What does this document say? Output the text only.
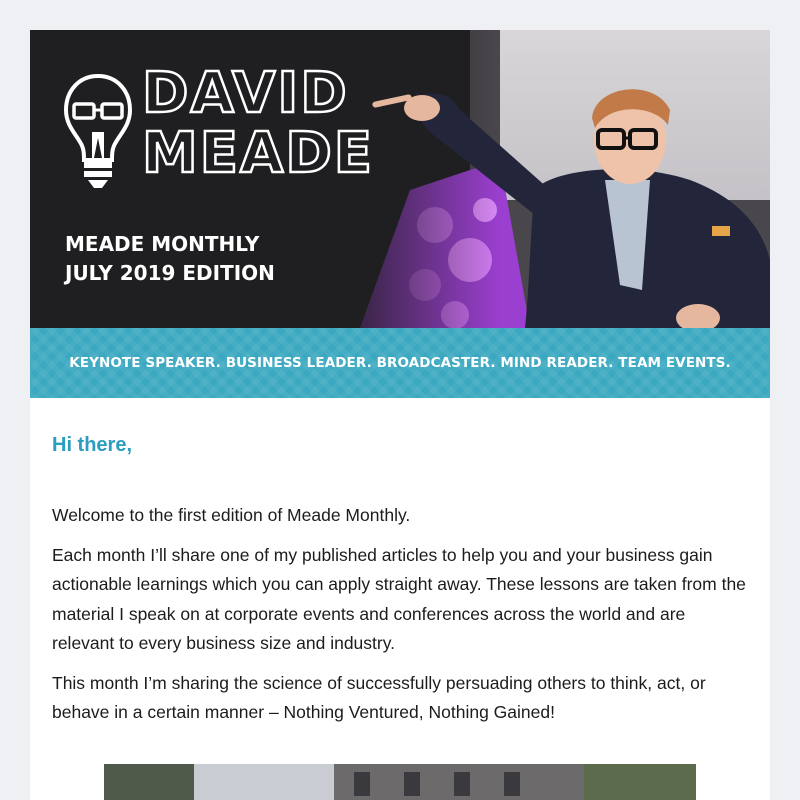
DAVID
MEADE
MEADE MONTHLY
JULY 2019 EDITION
KEYNOTE SPEAKER. BUSINESS LEADER. BROADCASTER. MIND READER. TEAM EVENTS.

Hi there,

Welcome to the first edition of Meade Monthly.

Each month I’ll share one of my published articles to help you and your business gain actionable learnings which you can apply straight away. These lessons are taken from the material I speak on at corporate events and conferences across the world and are relevant to every business size and industry.

This month I’m sharing the science of successfully persuading others to think, act, or behave in a certain manner – Nothing Ventured, Nothing Gained!
